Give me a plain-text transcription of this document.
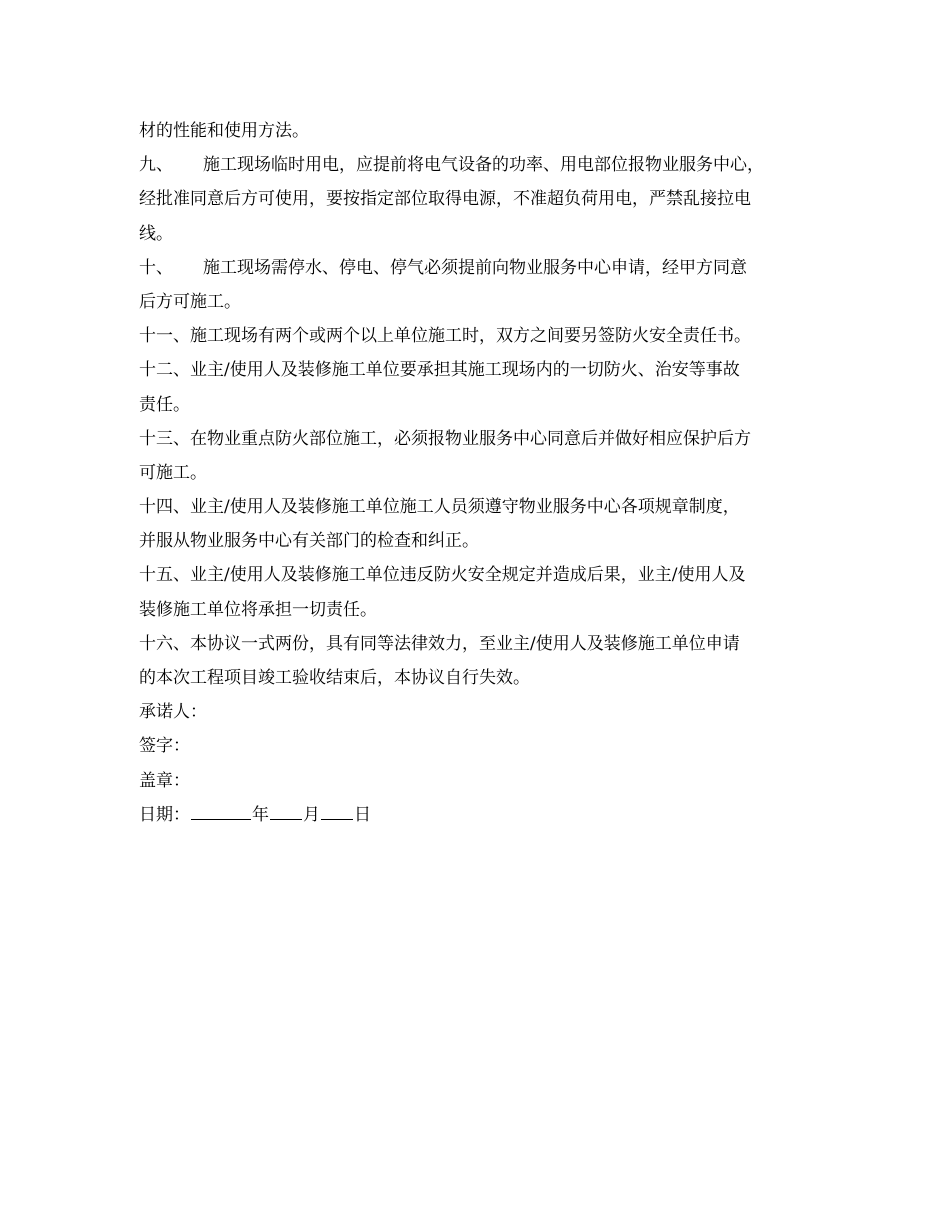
材的性能和使用方法。
九、 施工现场临时用电，应提前将电气设备的功率、用电部位报物业服务中心，
经批准同意后方可使用，要按指定部位取得电源，不准超负荷用电，严禁乱接拉电
线。
十、 施工现场需停水、停电、停气必须提前向物业服务中心申请，经甲方同意
后方可施工。
十一、施工现场有两个或两个以上单位施工时，双方之间要另签防火安全责任书。
十二、业主/使用人及装修施工单位要承担其施工现场内的一切防火、治安等事故
责任。
十三、在物业重点防火部位施工，必须报物业服务中心同意后并做好相应保护后方
可施工。
十四、业主/使用人及装修施工单位施工人员须遵守物业服务中心各项规章制度，
并服从物业服务中心有关部门的检查和纠正。
十五、业主/使用人及装修施工单位违反防火安全规定并造成后果，业主/使用人及
装修施工单位将承担一切责任。
十六、本协议一式两份，具有同等法律效力，至业主/使用人及装修施工单位申请
的本次工程项目竣工验收结束后，本协议自行失效。
承诺人：
签字：
盖章：
日期：	年 月 日
